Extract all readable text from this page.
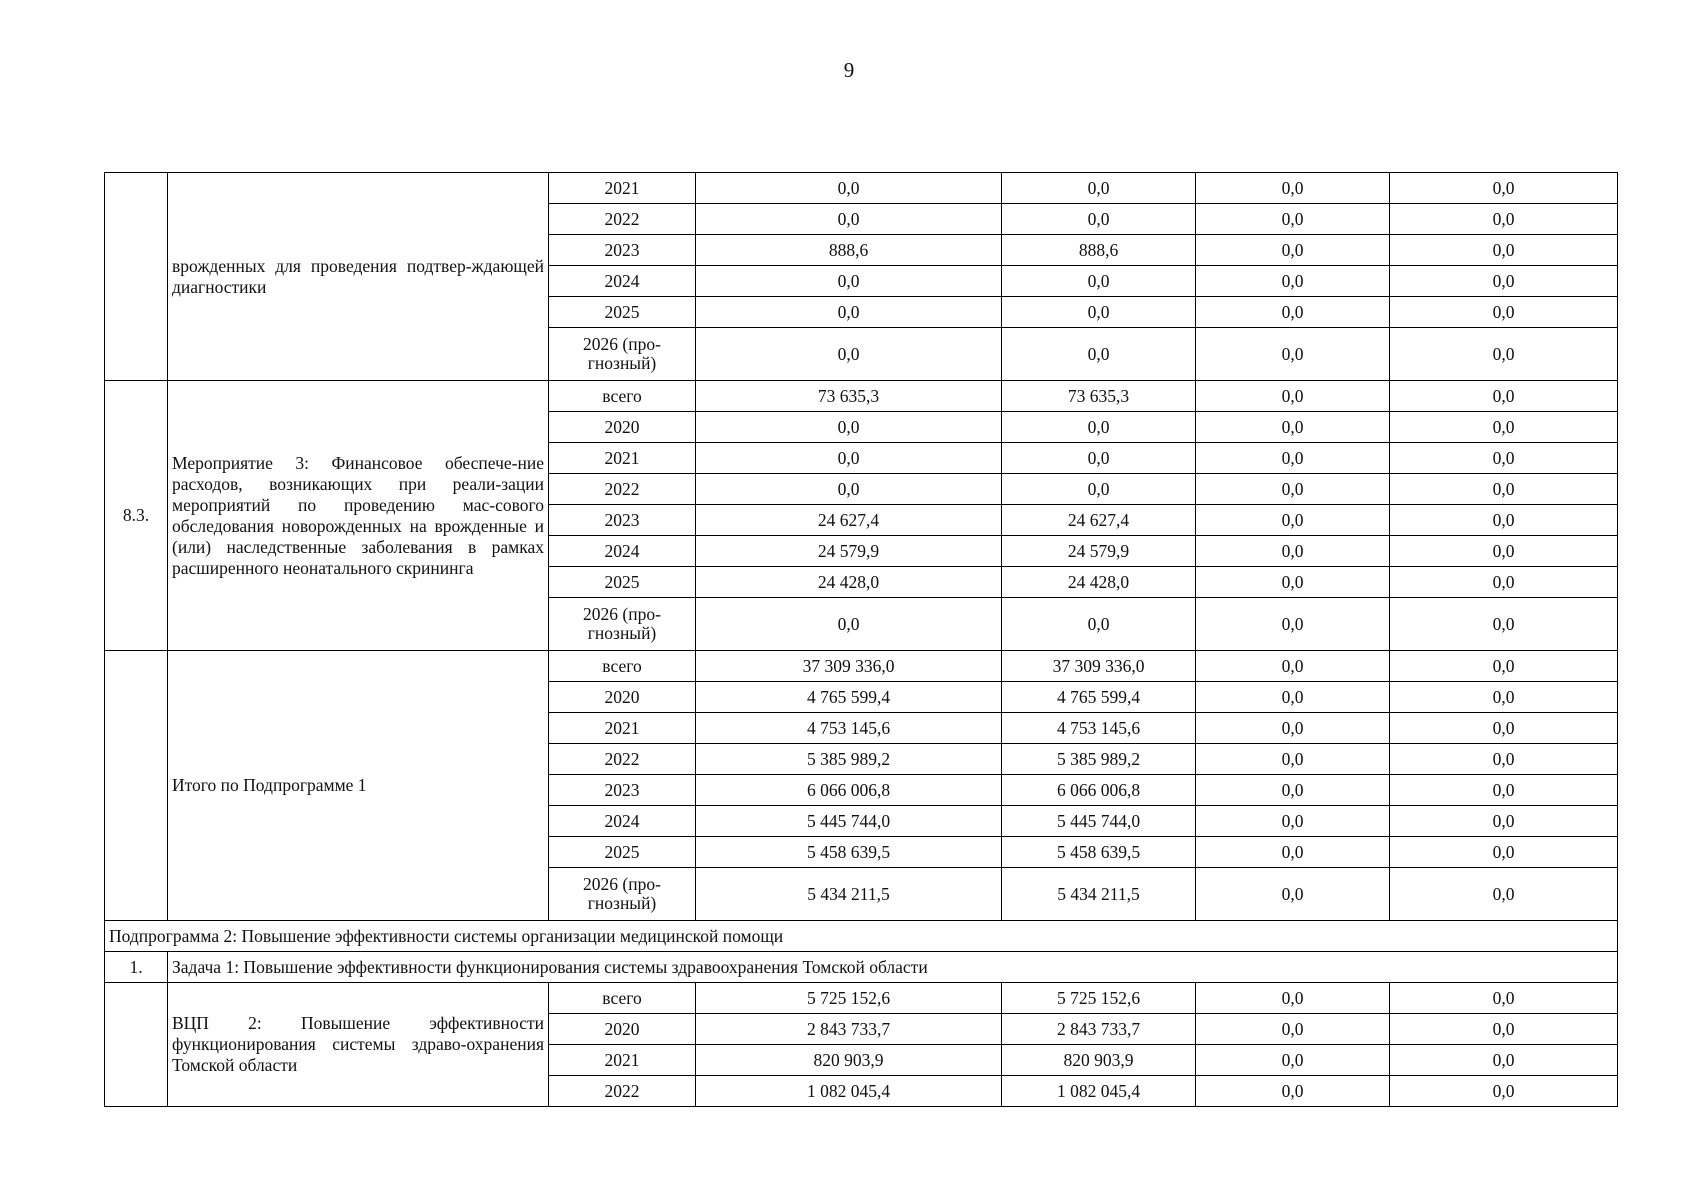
9

	врожденных для проведения подтвер-ждающей диагностики	2021	0,0	0,0	0,0	0,0
		2022	0,0	0,0	0,0	0,0
		2023	888,6	888,6	0,0	0,0
		2024	0,0	0,0	0,0	0,0
		2025	0,0	0,0	0,0	0,0
		2026 (про-гнозный)	0,0	0,0	0,0	0,0
8.3.	Мероприятие 3: Финансовое обеспече-ние расходов, возникающих при реали-зации мероприятий по проведению мас-сового обследования новорожденных на врожденные и (или) наследственные заболевания в рамках расширенного неонатального скрининга	всего	73 635,3	73 635,3	0,0	0,0
		2020	0,0	0,0	0,0	0,0
		2021	0,0	0,0	0,0	0,0
		2022	0,0	0,0	0,0	0,0
		2023	24 627,4	24 627,4	0,0	0,0
		2024	24 579,9	24 579,9	0,0	0,0
		2025	24 428,0	24 428,0	0,0	0,0
		2026 (про-гнозный)	0,0	0,0	0,0	0,0

	Итого по Подпрограмме 1	всего	37 309 336,0	37 309 336,0	0,0	0,0
		2020	4 765 599,4	4 765 599,4	0,0	0,0
		2021	4 753 145,6	4 753 145,6	0,0	0,0
		2022	5 385 989,2	5 385 989,2	0,0	0,0
		2023	6 066 006,8	6 066 006,8	0,0	0,0
		2024	5 445 744,0	5 445 744,0	0,0	0,0
		2025	5 458 639,5	5 458 639,5	0,0	0,0
		2026 (про-гнозный)	5 434 211,5	5 434 211,5	0,0	0,0
Подпрограмма 2: Повышение эффективности системы организации медицинской помощи						
1.	Задача 1: Повышение эффективности функционирования системы здравоохранения Томской области					

	ВЦП 2: Повышение эффективности функционирования системы здраво-охранения Томской области	всего	5 725 152,6	5 725 152,6	0,0	0,0
		2020	2 843 733,7	2 843 733,7	0,0	0,0
		2021	820 903,9	820 903,9	0,0	0,0
		2022	1 082 045,4	1 082 045,4	0,0	0,0
